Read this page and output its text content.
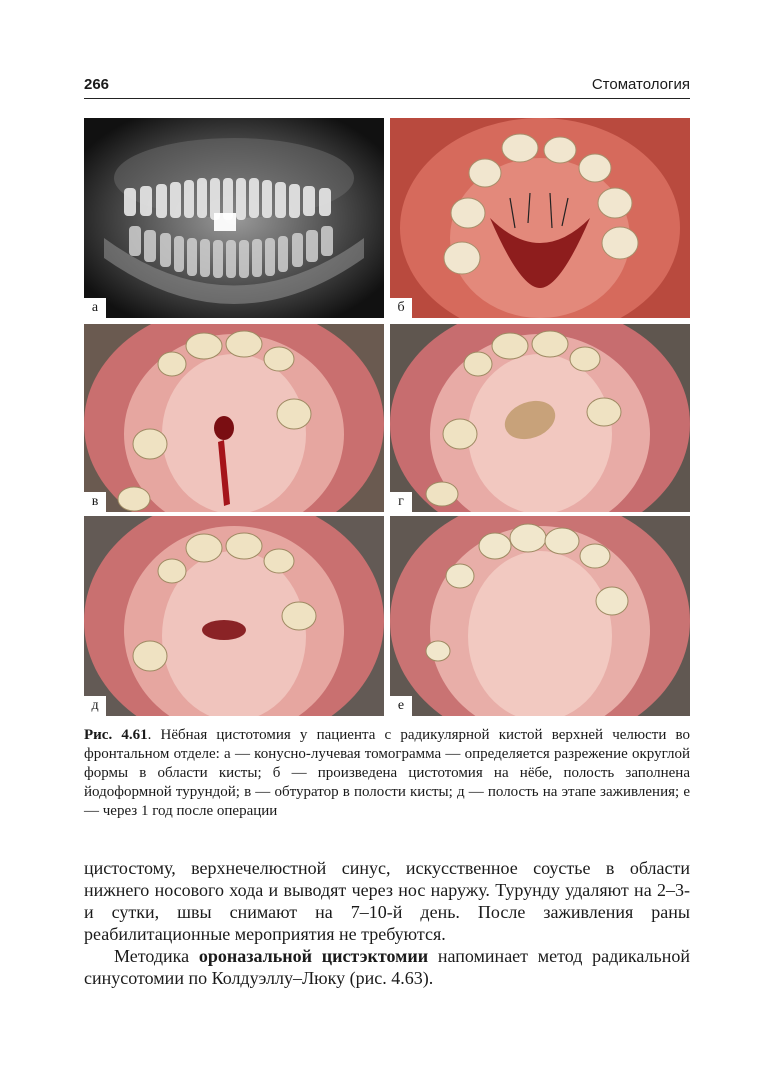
266	Стоматология
а	б
в	г
д	е
Рис. 4.61. Нёбная цистотомия у пациента с радикулярной кистой верхней челюсти во фронтальном отделе: а — конусно-лучевая томограмма — определяется разрежение округлой формы в области кисты; б — произведена цистотомия на нёбе, полость заполнена йодоформной турундой; в — обтуратор в полости кисты; д — полость на этапе заживления; е — через 1 год после операции

цистостому, верхнечелюстной синус, искусственное соустье в области нижнего носового хода и выводят через нос наружу. Турунду удаляют на 2–3-и сутки, швы снимают на 7–10-й день. После заживления раны реабилитационные мероприятия не требуются.

Методика ороназальной цистэктомии напоминает метод радикальной синусотомии по Колдуэллу–Люку (рис. 4.63).
